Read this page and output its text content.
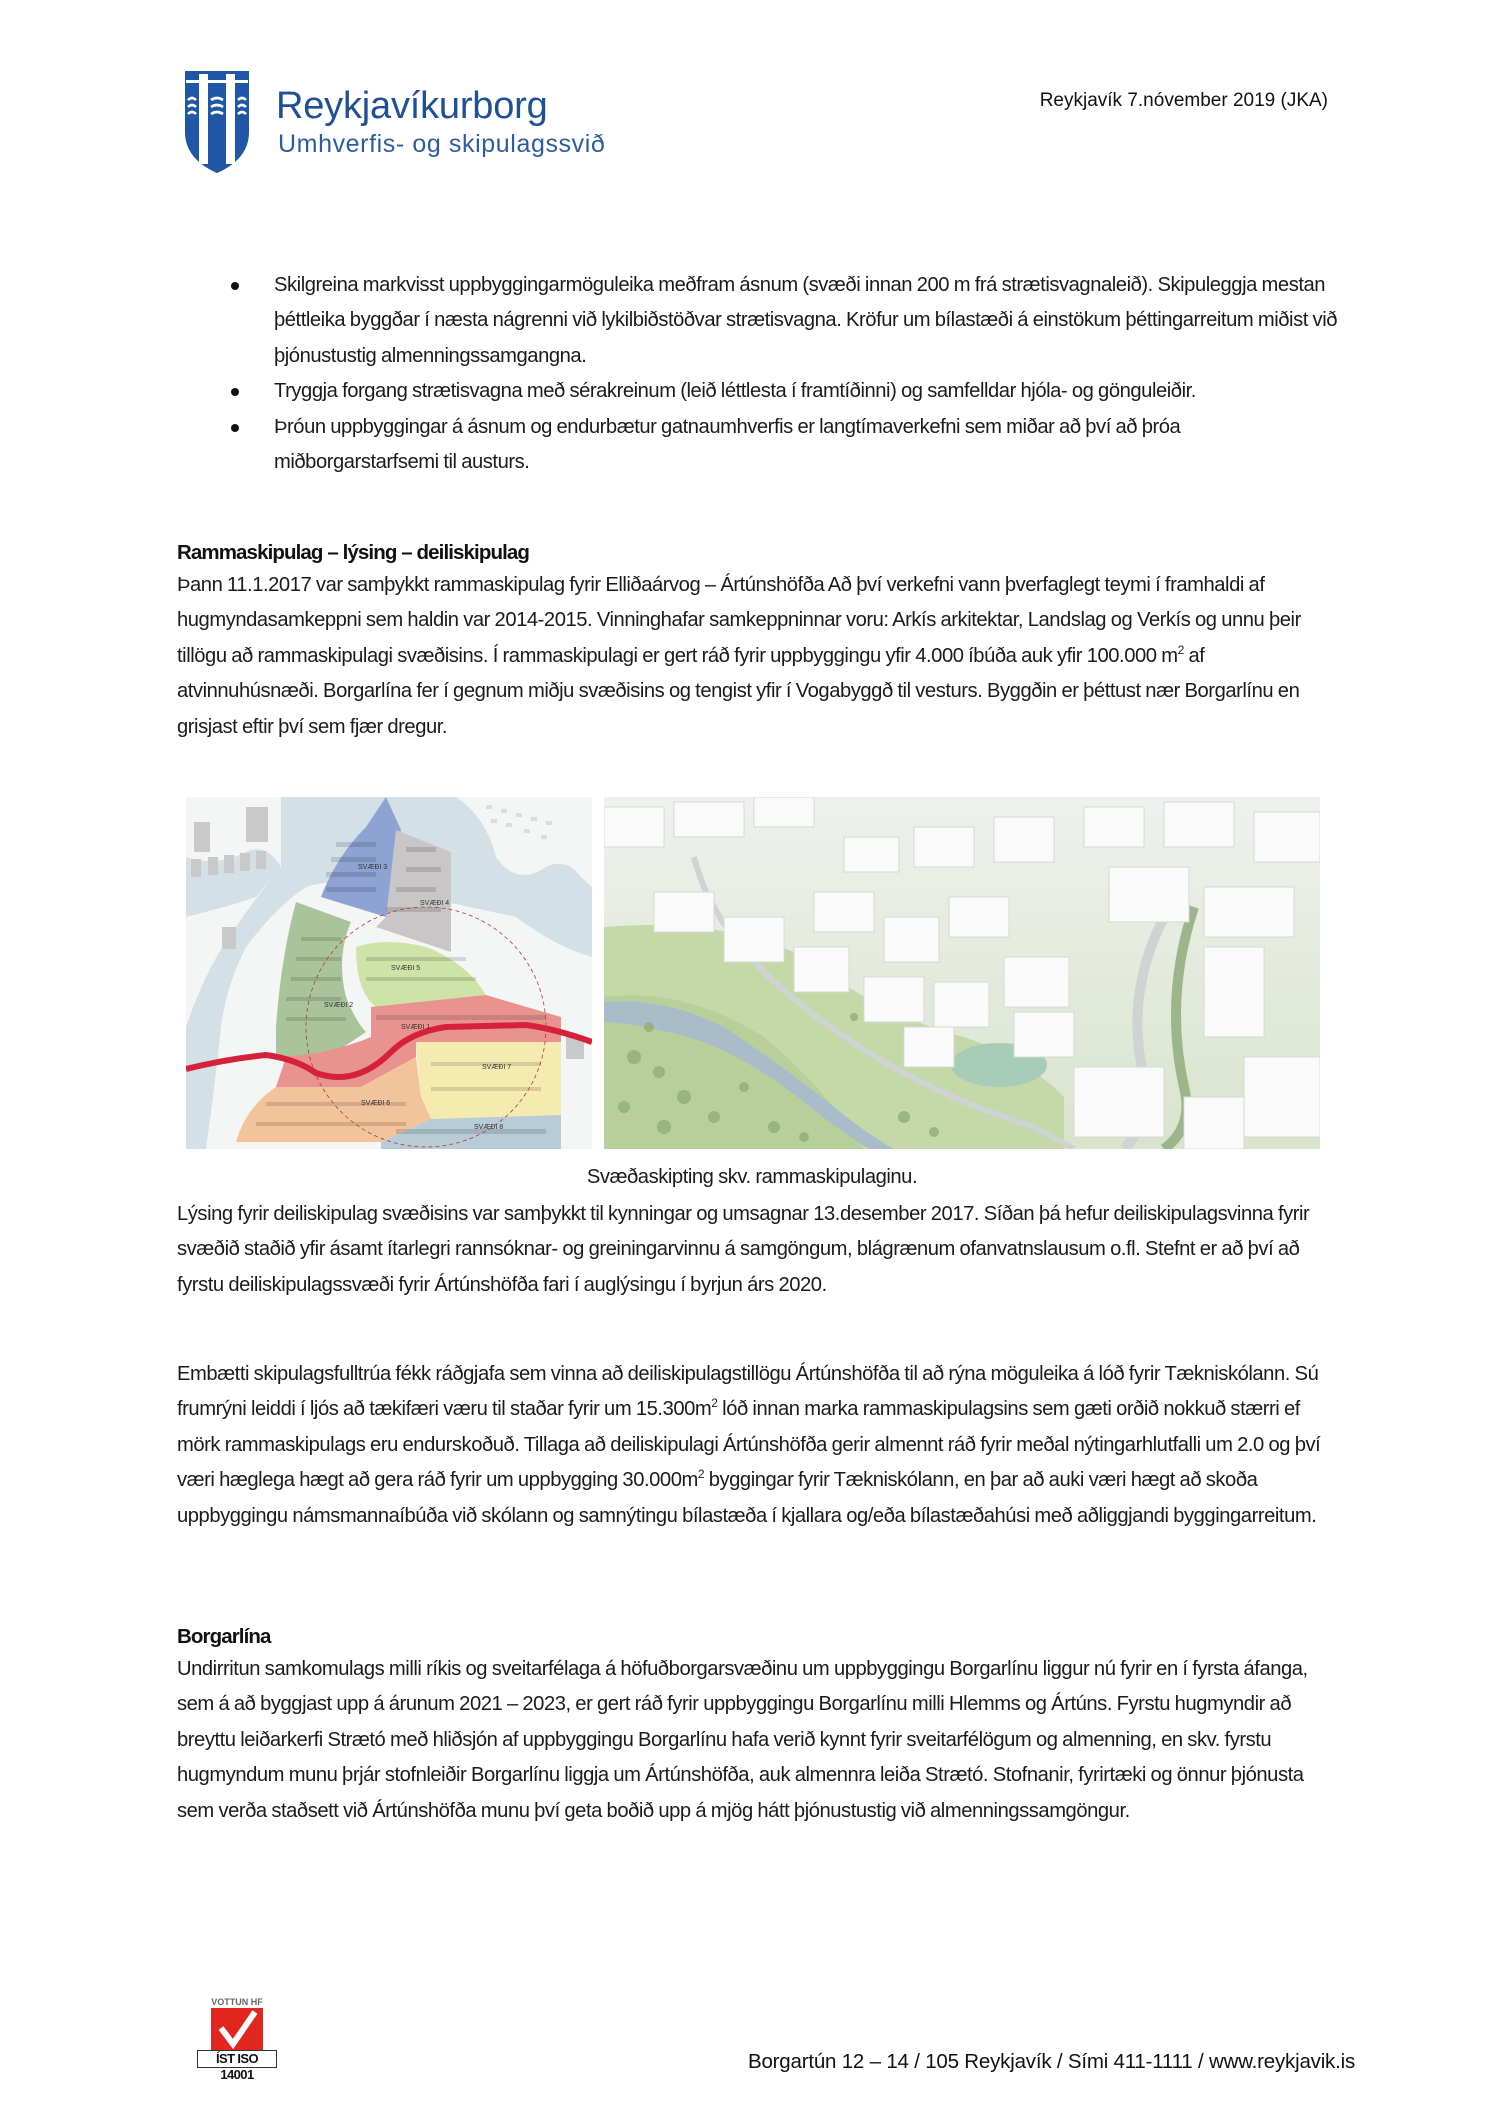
Reykjavíkurborg
Umhverfis- og skipulagssvið
Reykjavík 7.nóvember 2019 (JKA)
Skilgreina markvisst uppbyggingarmöguleika meðfram ásnum (svæði innan 200 m frá strætisvagnaleið). Skipuleggja mestan þéttleika byggðar í næsta nágrenni við lykilbiðstöðvar strætisvagna. Kröfur um bílastæði á einstökum þéttingarreitum miðist við þjónustustig almenningssamgangna.
Tryggja forgang strætisvagna með sérakreinum (leið léttlesta í framtíðinni) og samfelldar hjóla- og gönguleiðir.
Þróun uppbyggingar á ásnum og endurbætur gatnaumhverfis er langtímaverkefni sem miðar að því að þróa miðborgarstarfsemi til austurs.
Rammaskipulag – lýsing – deiliskipulag
Þann 11.1.2017 var samþykkt rammaskipulag fyrir Elliðaárvog – Ártúnshöfða Að því verkefni vann þverfaglegt teymi í framhaldi af hugmyndasamkeppni sem haldin var 2014-2015. Vinninghafar samkeppninnar voru: Arkís arkitektar, Landslag og Verkís og unnu þeir tillögu að rammaskipulagi svæðisins. Í rammaskipulagi er gert ráð fyrir uppbyggingu yfir 4.000 íbúða auk yfir 100.000 $m^2$ af atvinnuhúsnæði. Borgarlína fer í gegnum miðju svæðisins og tengist yfir í Vogabyggð til vesturs. Byggðin er þéttust nær Borgarlínu en grisjast eftir því sem fjær dregur.
SVÆÐI 3
SVÆÐI 4
SVÆÐI 5
SVÆÐI 2
SVÆÐI 1
SVÆÐI 7
SVÆÐI 6
SVÆÐI 8
Svæðaskipting skv. rammaskipulaginu.
Lýsing fyrir deiliskipulag svæðisins var samþykkt til kynningar og umsagnar 13.desember 2017. Síðan þá hefur deiliskipulagsvinna fyrir svæðið staðið yfir ásamt ítarlegri rannsóknar- og greiningarvinnu á samgöngum, blágrænum ofanvatnslausum o.fl. Stefnt er að því að fyrstu deiliskipulagssvæði fyrir Ártúnshöfða fari í auglýsingu í byrjun árs 2020.
Embætti skipulagsfulltrúa fékk ráðgjafa sem vinna að deiliskipulagstillögu Ártúnshöfða til að rýna möguleika á lóð fyrir Tækniskólann. Sú frumrýni leiddi í ljós að tækifæri væru til staðar fyrir um $15.300m^2$ lóð innan marka rammaskipulagsins sem gæti orðið nokkuð stærri ef mörk rammaskipulags eru endurskoðuð. Tillaga að deiliskipulagi Ártúnshöfða gerir almennt ráð fyrir meðal nýtingarhlutfalli um 2.0 og því væri hæglega hægt að gera ráð fyrir um uppbygging $30.000m^2$ byggingar fyrir Tækniskólann, en þar að auki væri hægt að skoða uppbyggingu námsmannaíbúða við skólann og samnýtingu bílastæða í kjallara og/eða bílastæðahúsi með aðliggjandi byggingarreitum.
Borgarlína
Undirritun samkomulags milli ríkis og sveitarfélaga á höfuðborgarsvæðinu um uppbyggingu Borgarlínu liggur nú fyrir en í fyrsta áfanga, sem á að byggjast upp á árunum 2021 – 2023, er gert ráð fyrir uppbyggingu Borgarlínu milli Hlemms og Ártúns. Fyrstu hugmyndir að breyttu leiðarkerfi Strætó með hliðsjón af uppbyggingu Borgarlínu hafa verið kynnt fyrir sveitarfélögum og almenning, en skv. fyrstu hugmyndum munu þrjár stofnleiðir Borgarlínu liggja um Ártúnshöfða, auk almennra leiða Strætó. Stofnanir, fyrirtæki og önnur þjónusta sem verða staðsett við Ártúnshöfða munu því geta boðið upp á mjög hátt þjónustustig við almenningssamgöngur.
VOTTUN HF
ÍST ISO 14001
Borgartún 12 – 14 / 105 Reykjavík / Sími 411-1111 / www.reykjavik.is
